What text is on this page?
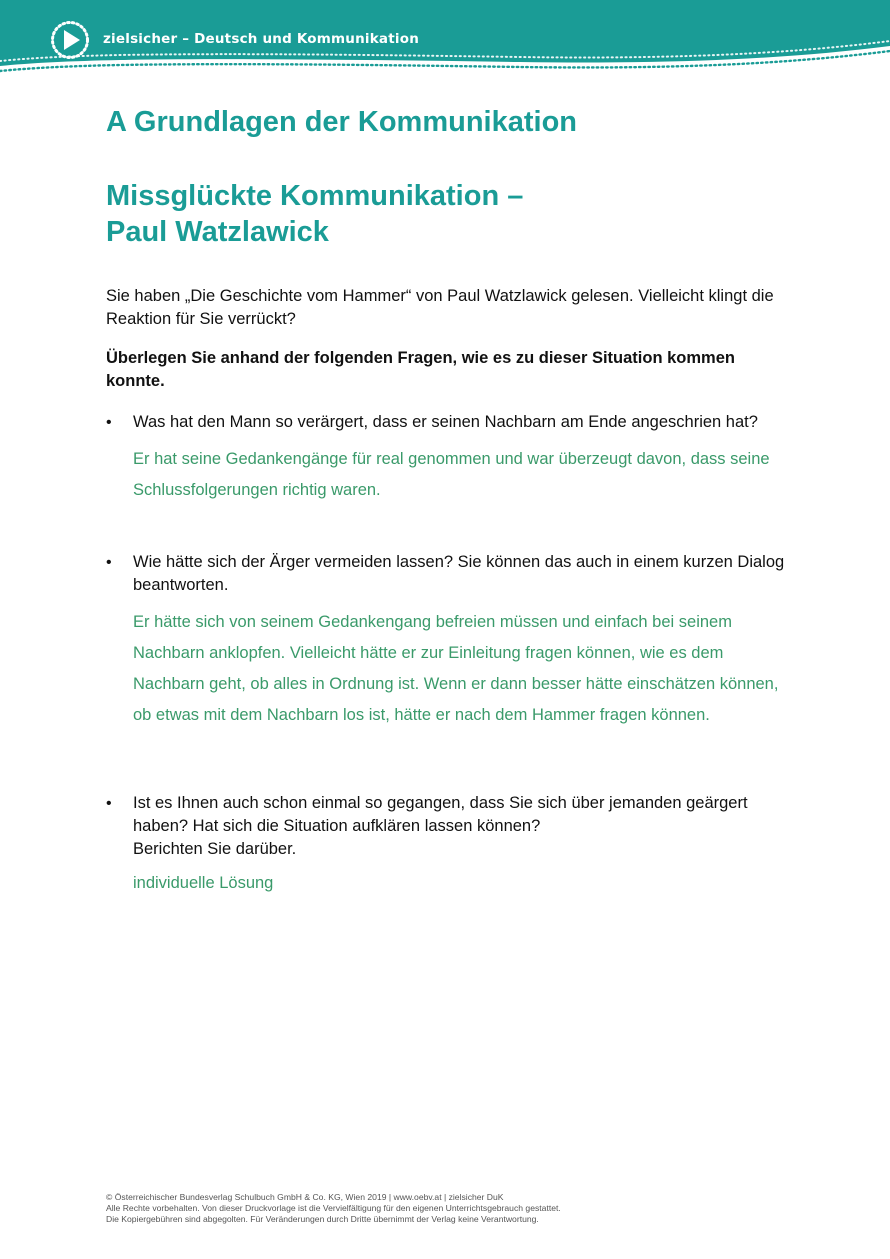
zielsicher – Deutsch und Kommunikation
A Grundlagen der Kommunikation
Missglückte Kommunikation –
Paul Watzlawick

Sie haben „Die Geschichte vom Hammer“ von Paul Watzlawick gelesen. Vielleicht klingt die Reaktion für Sie verrückt?

Überlegen Sie anhand der folgenden Fragen, wie es zu dieser Situation kommen konnte.

• Was hat den Mann so verärgert, dass er seinen Nachbarn am Ende angeschrien hat?

Er hat seine Gedankengänge für real genommen und war überzeugt davon, dass seine Schlussfolgerungen richtig waren.

• Wie hätte sich der Ärger vermeiden lassen? Sie können das auch in einem kurzen Dialog beantworten.

Er hätte sich von seinem Gedankengang befreien müssen und einfach bei seinem Nachbarn anklopfen. Vielleicht hätte er zur Einleitung fragen können, wie es dem Nachbarn geht, ob alles in Ordnung ist. Wenn er dann besser hätte einschätzen können, ob etwas mit dem Nachbarn los ist, hätte er nach dem Hammer fragen können.

• Ist es Ihnen auch schon einmal so gegangen, dass Sie sich über jemanden geärgert haben? Hat sich die Situation aufklären lassen können?
Berichten Sie darüber.

individuelle Lösung

© Österreichischer Bundesverlag Schulbuch GmbH & Co. KG, Wien 2019 | www.oebv.at | zielsicher DuK
Alle Rechte vorbehalten. Von dieser Druckvorlage ist die Vervielfältigung für den eigenen Unterrichtsgebrauch gestattet.
Die Kopiergebühren sind abgegolten. Für Veränderungen durch Dritte übernimmt der Verlag keine Verantwortung.
